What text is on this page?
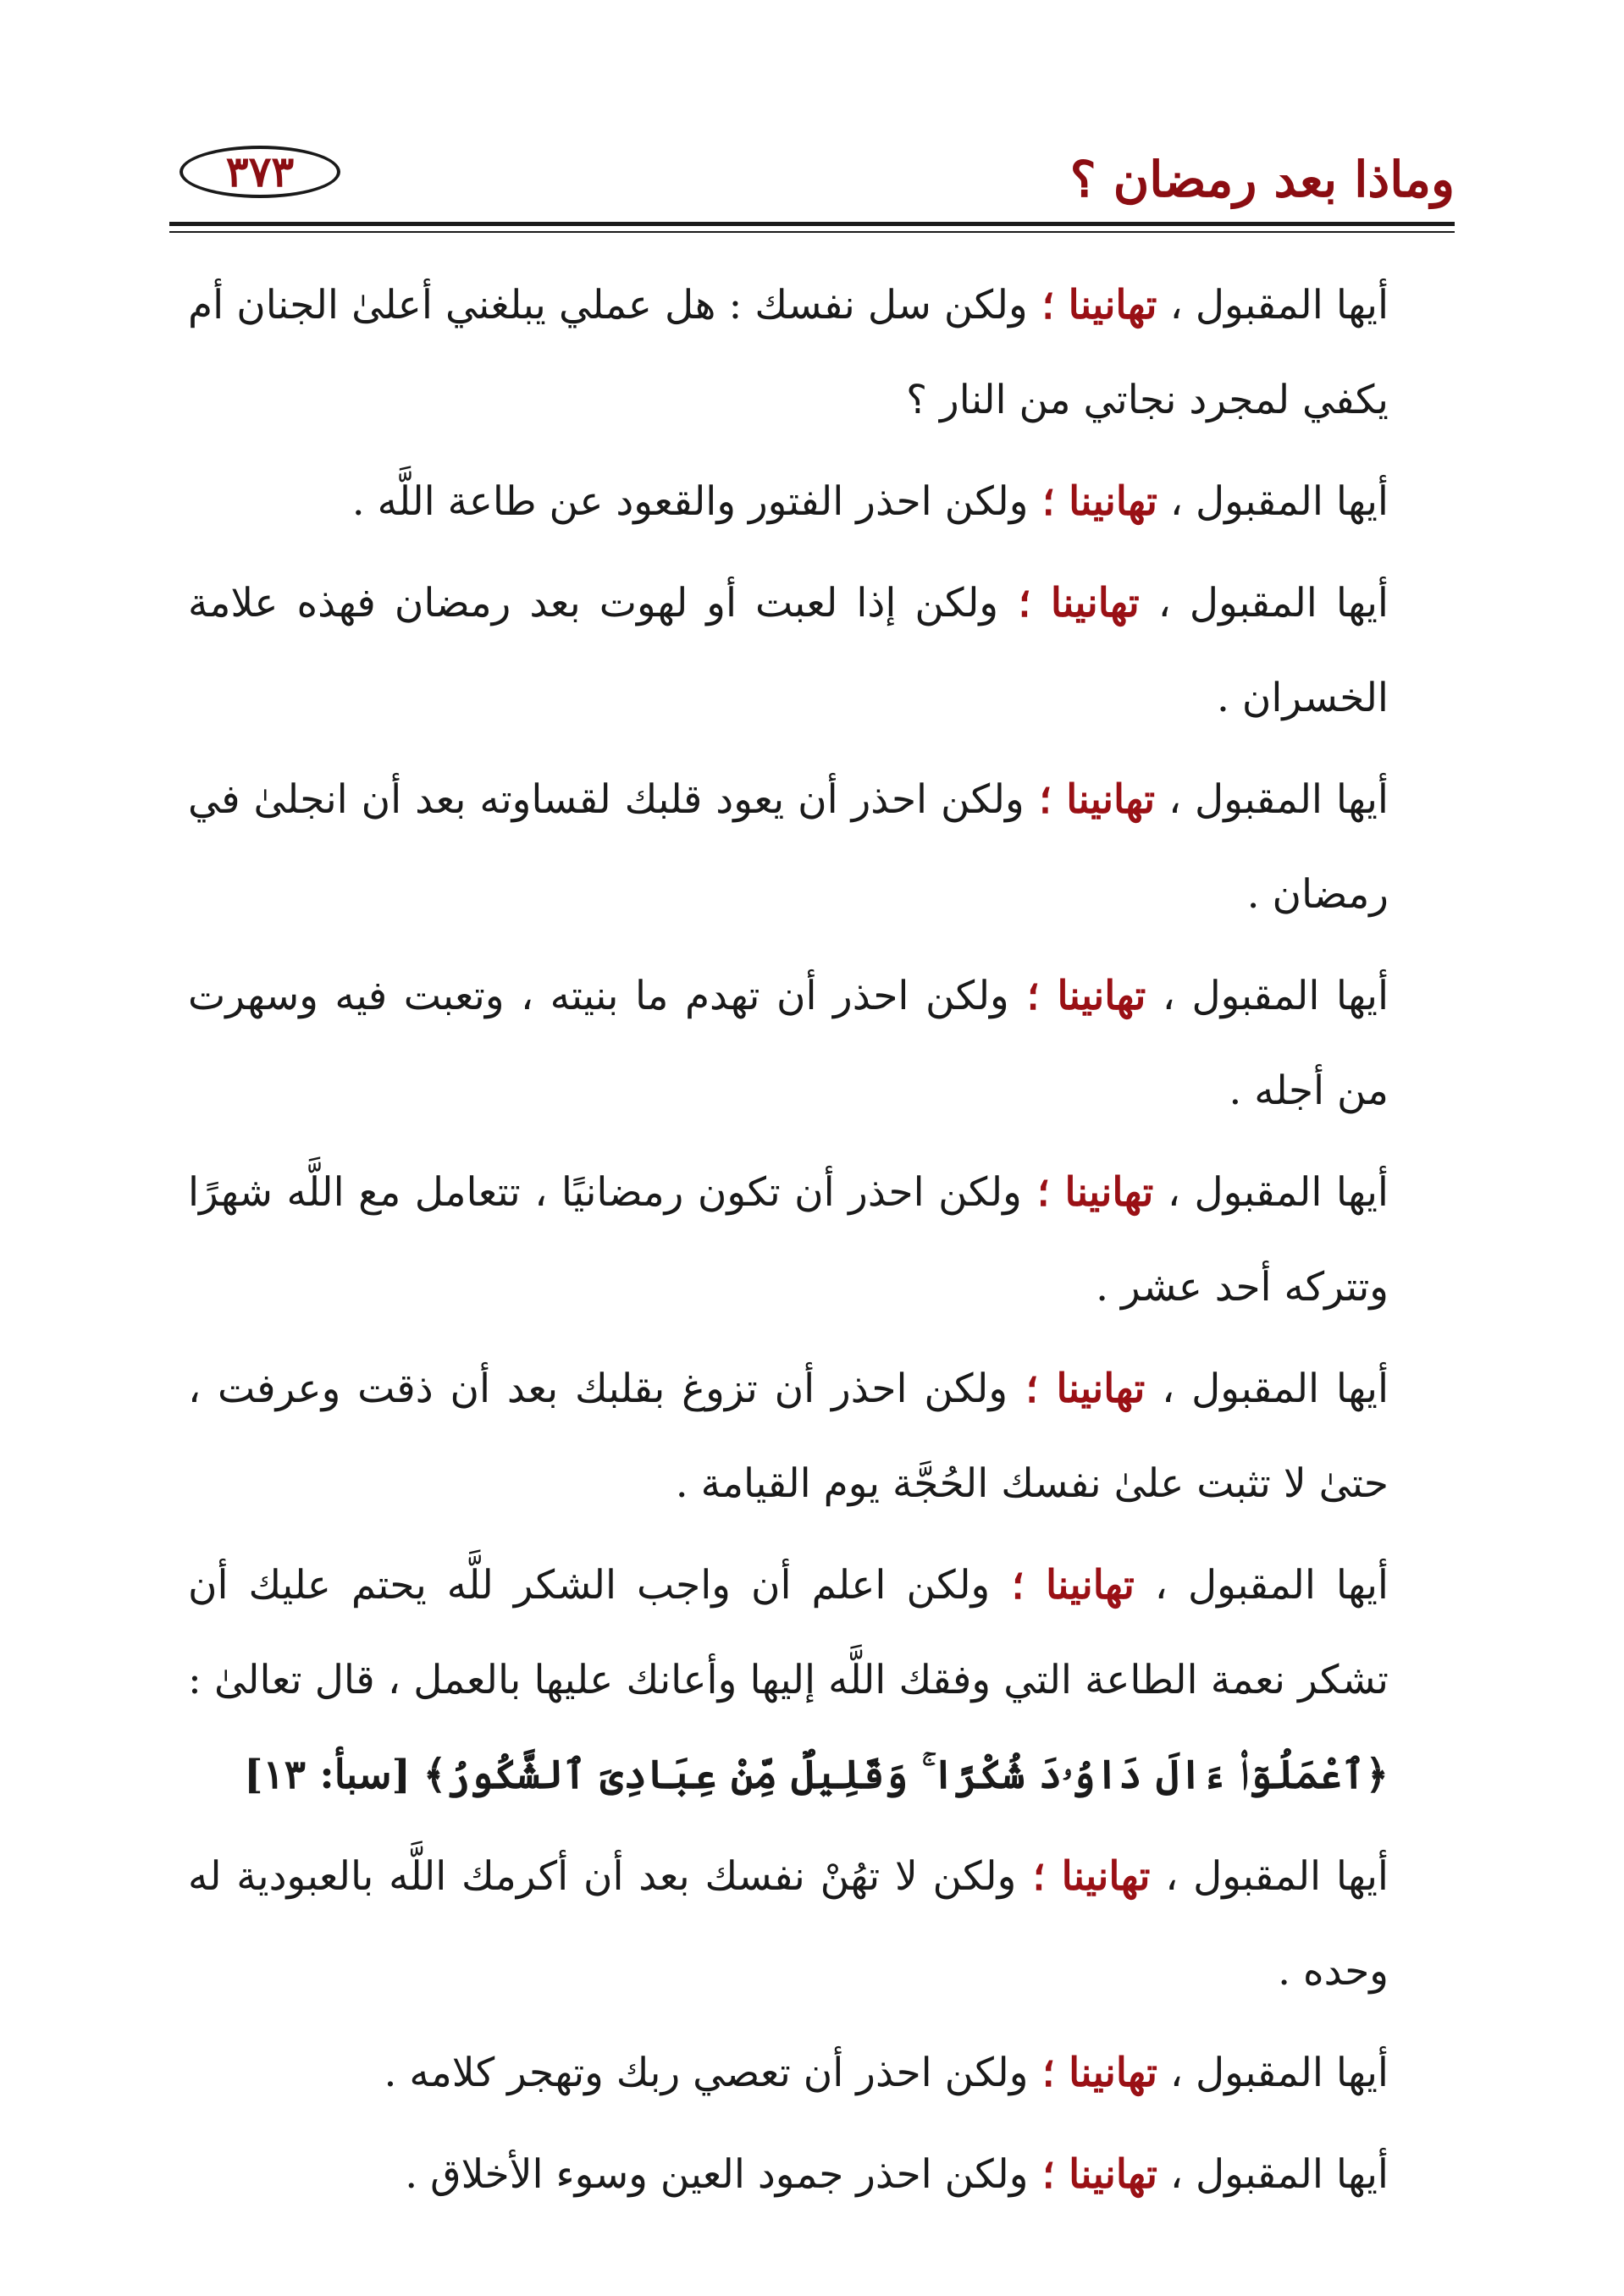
وماذا بعد رمضان ؟
٣٧٣

أيها المقبول ، تهانينا ؛ ولكن سل نفسك : هل عملي يبلغني أعلىٰ الجنان أم يكفي لمجرد نجاتي من النار ؟

أيها المقبول ، تهانينا ؛ ولكن احذر الفتور والقعود عن طاعة اللَّه .

أيها المقبول ، تهانينا ؛ ولكن إذا لعبت أو لهوت بعد رمضان فهذه علامة الخسران .

أيها المقبول ، تهانينا ؛ ولكن احذر أن يعود قلبك لقساوته بعد أن انجلىٰ في رمضان .

أيها المقبول ، تهانينا ؛ ولكن احذر أن تهدم ما بنيته ، وتعبت فيه وسهرت من أجله .

أيها المقبول ، تهانينا ؛ ولكن احذر أن تكون رمضانيًا ، تتعامل مع اللَّه شهرًا وتتركه أحد عشر .

أيها المقبول ، تهانينا ؛ ولكن احذر أن تزوغ بقلبك بعد أن ذقت وعرفت ، حتىٰ لا تثبت علىٰ نفسك الحُجَّة يوم القيامة .

أيها المقبول ، تهانينا ؛ ولكن اعلم أن واجب الشكر للَّه يحتم عليك أن تشكر نعمة الطاعة التي وفقك اللَّه إليها وأعانك عليها بالعمل ، قال تعالىٰ : ﴿ٱعْمَلُوٓا۟ ءَالَ دَاوُۥدَ شُكْرًا ۚ وَقَلِيلٌ مِّنْ عِبَادِىَ ٱلشَّكُورُ﴾ [سبأ: ١٣]

أيها المقبول ، تهانينا ؛ ولكن لا تهُنْ نفسك بعد أن أكرمك اللَّه بالعبودية له وحده .

أيها المقبول ، تهانينا ؛ ولكن احذر أن تعصي ربك وتهجر كلامه .

أيها المقبول ، تهانينا ؛ ولكن احذر جمود العين وسوء الأخلاق .
